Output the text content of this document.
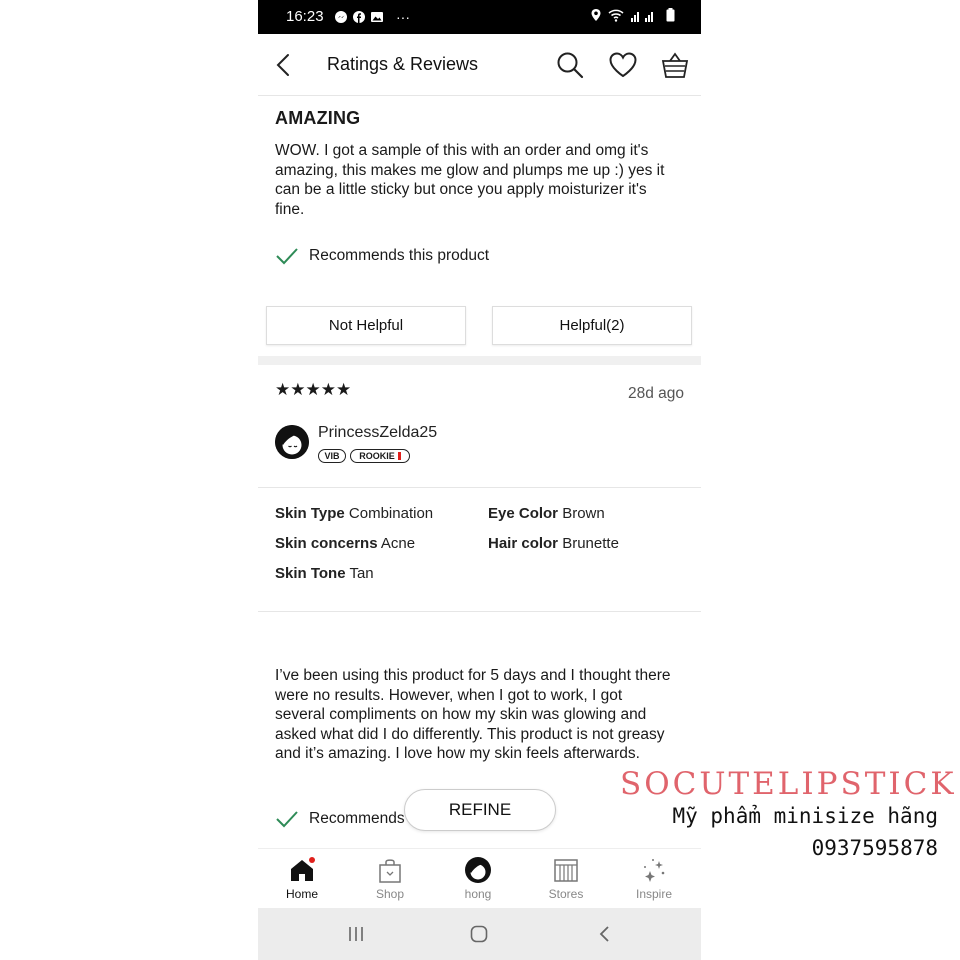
16:23	···
Ratings & Reviews
AMAZING
WOW. I got a sample of this with an order and omg it's amazing, this makes me glow and plumps me up :) yes it can be a little sticky but once you apply moisturizer it's fine.
Recommends this product
Not Helpful	Helpful(2)
★★★★★	28d ago
PrincessZelda25
VIB ROOKIE
Skin Type Combination	Eye Color Brown
Skin concerns Acne	Hair color Brunette
Skin Tone Tan
I’ve been using this product for 5 days and I thought there were no results. However, when I got to work, I got several compliments on how my skin was glowing and asked what did I do differently. This product is not greasy and it’s amazing. I love how my skin feels afterwards.
Recommends	REFINE
Home	Shop	hong	Stores	Inspire
SOCUTELIPSTICK
Mỹ phẩm minisize hãng
0937595878
